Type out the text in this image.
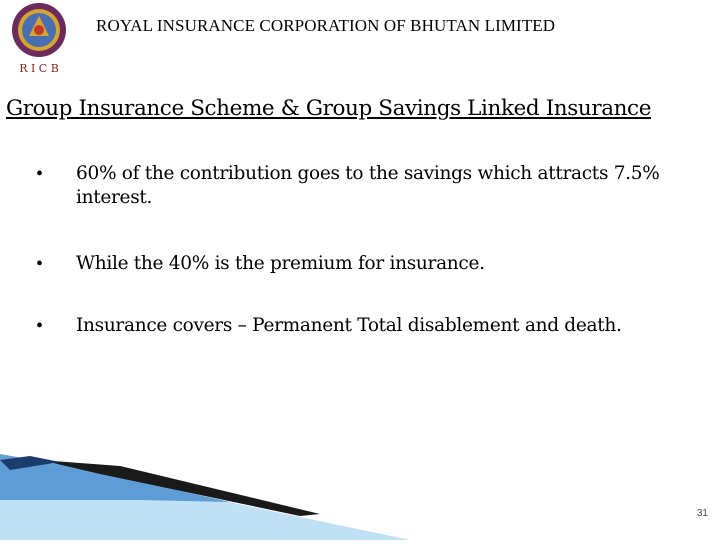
R I C B
ROYAL INSURANCE CORPORATION OF BHUTAN LIMITED
Group Insurance Scheme & Group Savings Linked Insurance
•	60% of the contribution goes to the savings which attracts 7.5% interest.
•	While the 40% is the premium for insurance.
•	Insurance covers – Permanent Total disablement and death.
31
